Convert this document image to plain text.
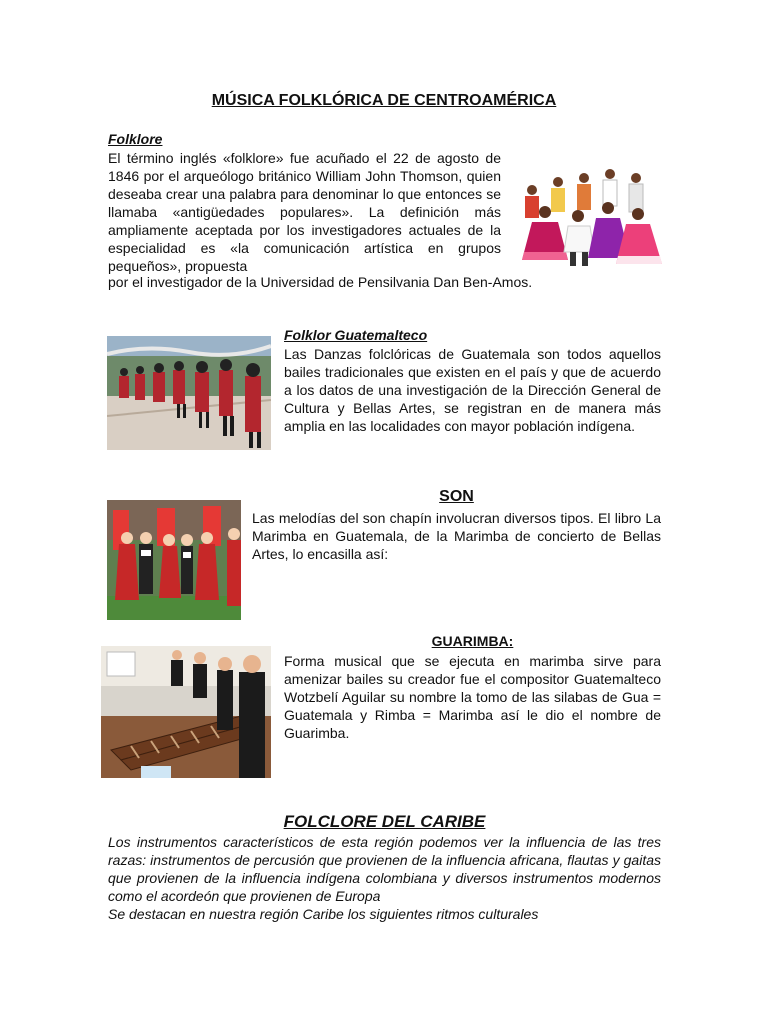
MÚSICA FOLKLÓRICA DE CENTROAMÉRICA
Folklore
El término inglés «folklore» fue acuñado el 22 de agosto de 1846 por el arqueólogo británico William John Thomson, quien deseaba crear una palabra para denominar lo que entonces se llamaba «antigüedades populares». La definición más ampliamente aceptada por los investigadores actuales de la especialidad es «la comunicación artística en grupos pequeños», propuesta
por el investigador de la Universidad de Pensilvania Dan Ben-Amos.
Folklor Guatemalteco
Las Danzas folclóricas de Guatemala son todos aquellos bailes tradicionales que existen en el país y que de acuerdo a los datos de una investigación de la Dirección General de Cultura y Bellas Artes, se registran en de manera más amplia en las localidades con mayor población indígena.
SON
Las melodías del son chapín involucran diversos tipos. El libro La Marimba en Guatemala, de la Marimba de concierto de Bellas Artes, lo encasilla así:
GUARIMBA:
Forma musical que se ejecuta en marimba sirve para amenizar bailes su creador fue el compositor Guatemalteco Wotzbelí Aguilar su nombre la tomo de las silabas de Gua = Guatemala y Rimba = Marimba así le dio el nombre de Guarimba.
FOLCLORE DEL CARIBE
Los instrumentos característicos de esta región podemos ver la influencia de las tres razas: instrumentos de percusión que provienen de la influencia africana, flautas y gaitas que provienen de la influencia indígena colombiana y diversos instrumentos modernos como el acordeón que provienen de Europa
Se destacan en nuestra región Caribe los siguientes ritmos culturales
